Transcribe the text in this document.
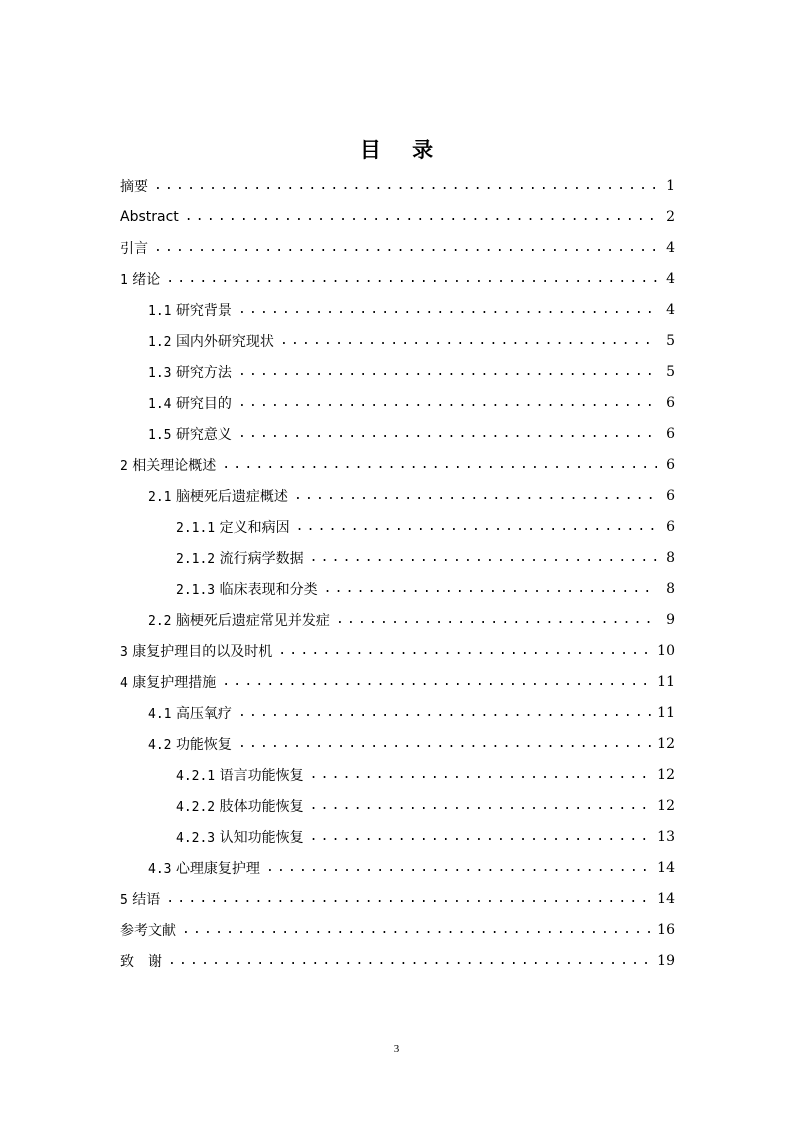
目 录
摘要 .....	1
Abstract .....	2
引言 .....	4
1 绪论 .....	4
1.1 研究背景 .....	4
1.2 国内外研究现状 .....	5
1.3 研究方法 .....	5
1.4 研究目的 .....	6
1.5 研究意义 .....	6
2 相关理论概述 .....	6
2.1 脑梗死后遗症概述 .....	6
2.1.1 定义和病因 .....	6
2.1.2 流行病学数据 .....	8
2.1.3 临床表现和分类 .....	8
2.2 脑梗死后遗症常见并发症 .....	9
3 康复护理目的以及时机 .....	10
4 康复护理措施 .....	11
4.1 高压氧疗 .....	11
4.2 功能恢复 .....	12
4.2.1 语言功能恢复 .....	12
4.2.2 肢体功能恢复 .....	12
4.2.3 认知功能恢复 .....	13
4.3 心理康复护理 .....	14
5 结语 .....	14
参考文献 .....	16
致　谢 .....	19
3
